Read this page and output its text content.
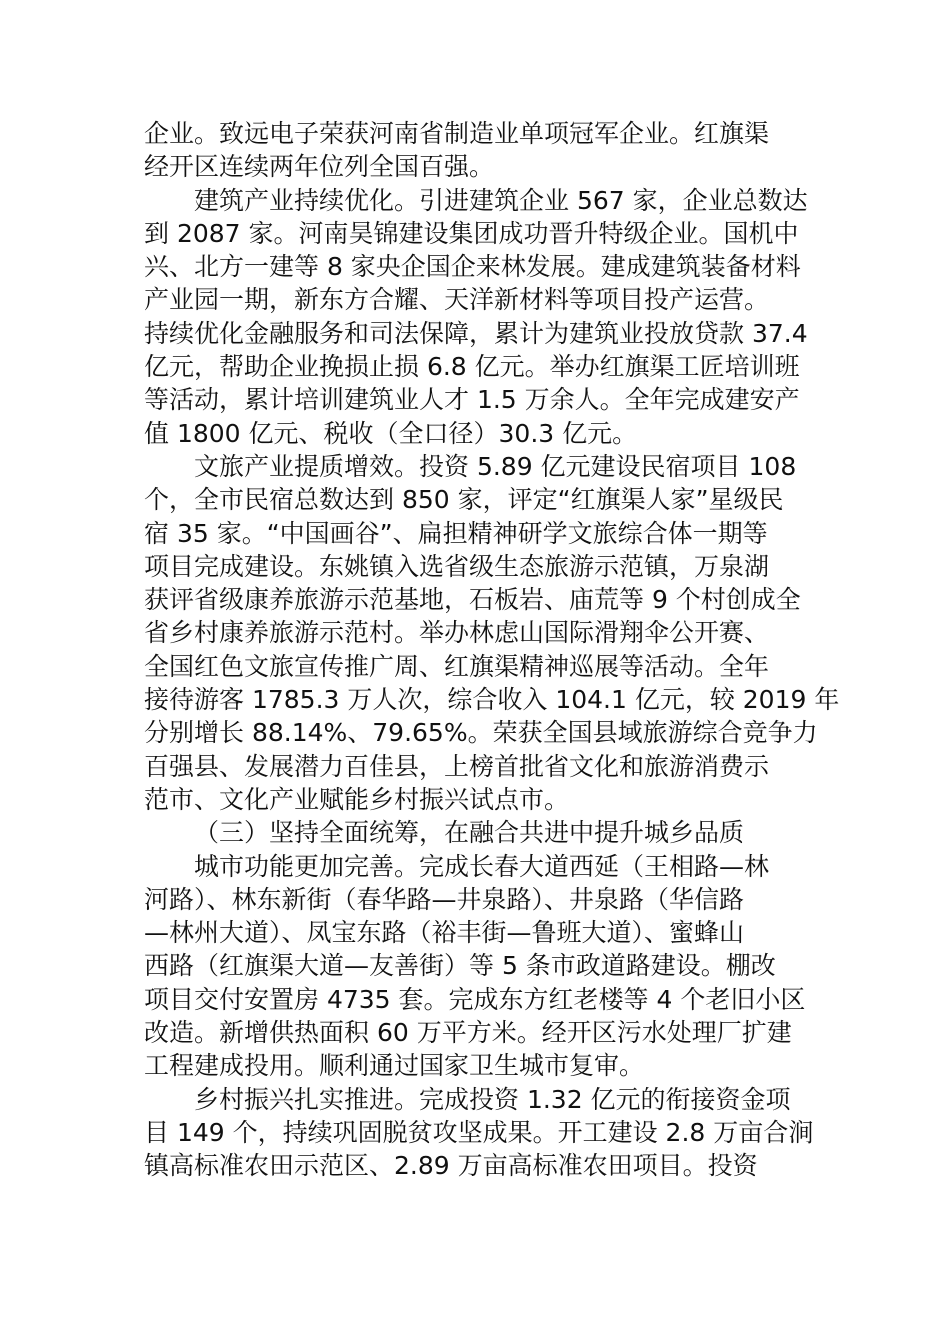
企业。致远电子荣获河南省制造业单项冠军企业。红旗渠
经开区连续两年位列全国百强。
建筑产业持续优化。引进建筑企业 567 家，企业总数达
到 2087 家。河南昊锦建设集团成功晋升特级企业。国机中
兴、北方一建等 8 家央企国企来林发展。建成建筑装备材料
产业园一期，新东方合耀、天洋新材料等项目投产运营。
持续优化金融服务和司法保障，累计为建筑业投放贷款 37.4
亿元，帮助企业挽损止损 6.8 亿元。举办红旗渠工匠培训班
等活动，累计培训建筑业人才 1.5 万余人。全年完成建安产
值 1800 亿元、税收（全口径）30.3 亿元。
文旅产业提质增效。投资 5.89 亿元建设民宿项目 108
个，全市民宿总数达到 850 家，评定“红旗渠人家”星级民
宿 35 家。“中国画谷”、扁担精神研学文旅综合体一期等
项目完成建设。东姚镇入选省级生态旅游示范镇，万泉湖
获评省级康养旅游示范基地，石板岩、庙荒等 9 个村创成全
省乡村康养旅游示范村。举办林虑山国际滑翔伞公开赛、
全国红色文旅宣传推广周、红旗渠精神巡展等活动。全年
接待游客 1785.3 万人次，综合收入 104.1 亿元，较 2019 年
分别增长 88.14%、79.65%。荣获全国县域旅游综合竞争力
百强县、发展潜力百佳县，上榜首批省文化和旅游消费示
范市、文化产业赋能乡村振兴试点市。
（三）坚持全面统筹，在融合共进中提升城乡品质
城市功能更加完善。完成长春大道西延（王相路—林
河路）、林东新街（春华路—井泉路）、井泉路（华信路
—林州大道）、凤宝东路（裕丰街—鲁班大道）、蜜蜂山
西路（红旗渠大道—友善街）等 5 条市政道路建设。棚改
项目交付安置房 4735 套。完成东方红老楼等 4 个老旧小区
改造。新增供热面积 60 万平方米。经开区污水处理厂扩建
工程建成投用。顺利通过国家卫生城市复审。
乡村振兴扎实推进。完成投资 1.32 亿元的衔接资金项
目 149 个，持续巩固脱贫攻坚成果。开工建设 2.8 万亩合涧
镇高标准农田示范区、2.89 万亩高标准农田项目。投资
